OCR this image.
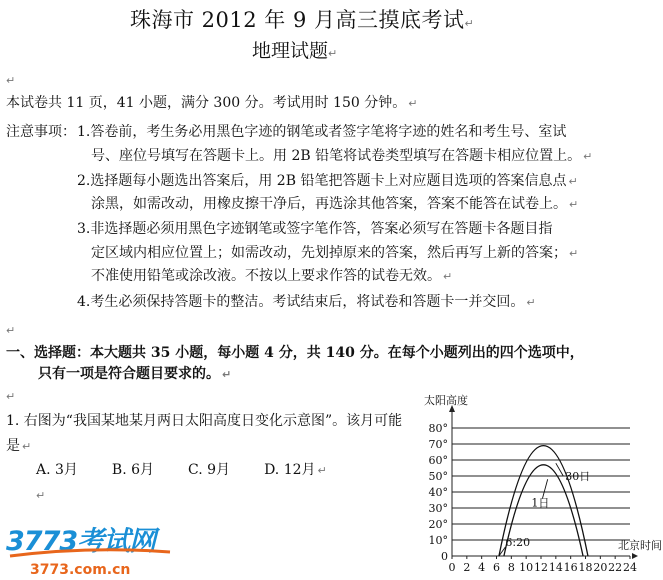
珠海市 2012 年 9 月高三摸底考试↵
地理试题↵
↵
本试卷共 11 页，41 小题，满分 300 分。考试用时 150 分钟。 ↵
注意事项： 1.答卷前，考生务必用黑色字迹的钢笔或者签字笔将字迹的姓名和考生号、室试
号、座位号填写在答题卡上。用 2B 铅笔将试卷类型填写在答题卡相应位置上。 ↵
2.选择题每小题选出答案后，用 2B 铅笔把答题卡上对应题目选项的答案信息点 ↵
涂黑，如需改动，用橡皮擦干净后，再选涂其他答案，答案不能答在试卷上。 ↵
3.非选择题必须用黑色字迹钢笔或签字笔作答，答案必须写在答题卡各题目指
定区域内相应位置上；如需改动，先划掉原来的答案，然后再写上新的答案； ↵
不准使用铅笔或涂改液。不按以上要求作答的试卷无效。 ↵
4.考生必须保持答题卡的整洁。考试结束后，将试卷和答题卡一并交回。 ↵
↵
一、选择题：本大题共 35 小题，每小题 4 分，共 140 分。在每个小题列出的四个选项中，
只有一项是符合题目要求的。 ↵
↵
1. 右图为“我国某地某月两日太阳高度日变化示意图”。该月可能
是 ↵
A. 3月 B. 6月 C. 9月 D. 12月 ↵
↵
0
10°
20°
30°
40°
50°
60°
70°
80°
0 2 4 6 8 10 12 14 16 18 20 22 24
太阳高度
北京时间
30日
1日
6:20
3773考试网
3773.com.cn
